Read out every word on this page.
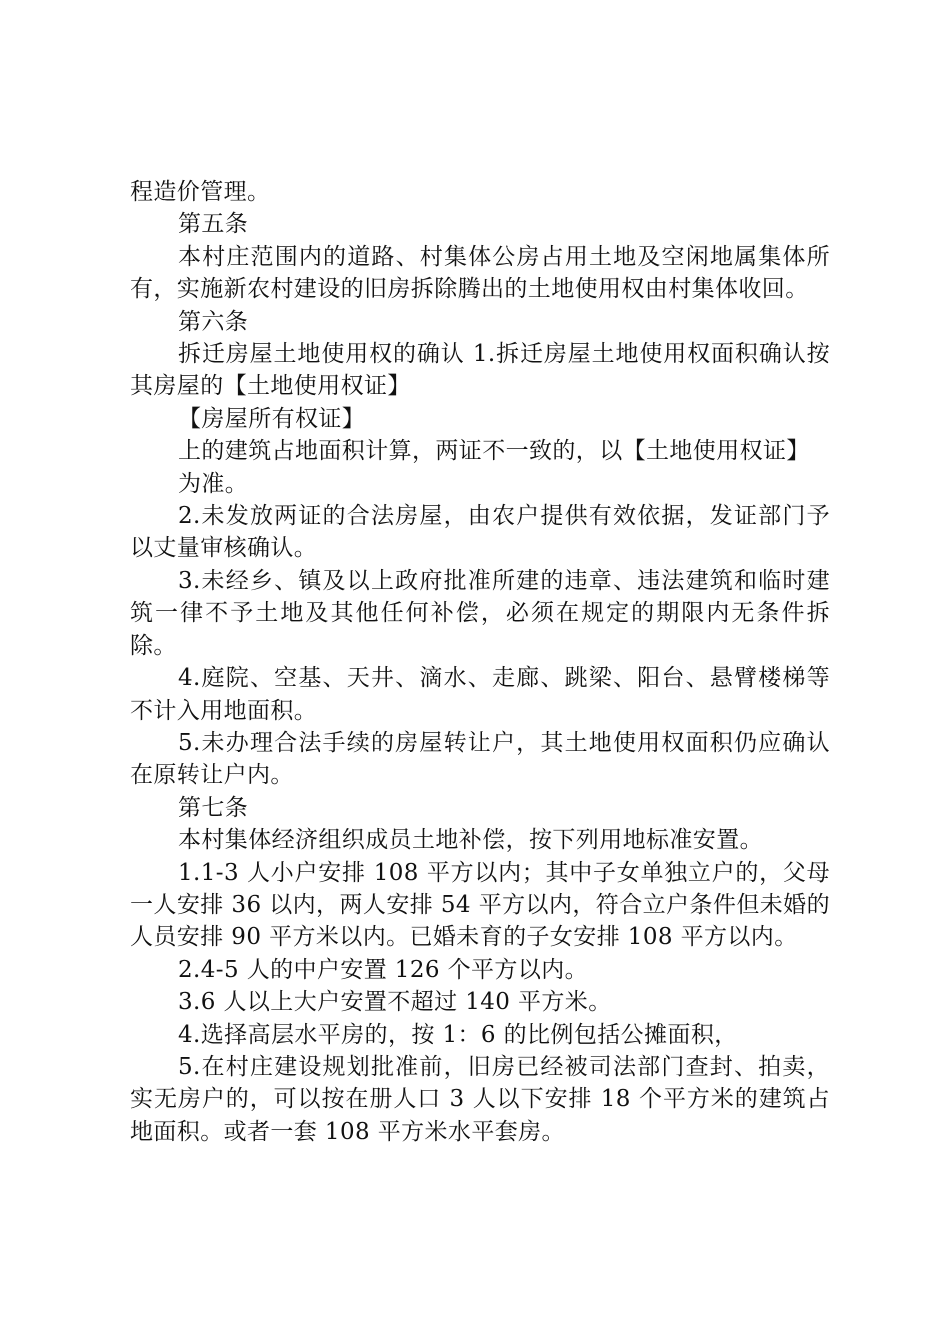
程造价管理。

第五条

本村庄范围内的道路、村集体公房占用土地及空闲地属集体所有，实施新农村建设的旧房拆除腾出的土地使用权由村集体收回。

第六条

拆迁房屋土地使用权的确认 1.拆迁房屋土地使用权面积确认按其房屋的【土地使用权证】

【房屋所有权证】

上的建筑占地面积计算，两证不一致的，以【土地使用权证】

为准。

2.未发放两证的合法房屋，由农户提供有效依据，发证部门予以丈量审核确认。

3.未经乡、镇及以上政府批准所建的违章、违法建筑和临时建筑一律不予土地及其他任何补偿，必须在规定的期限内无条件拆除。

4.庭院、空基、天井、滴水、走廊、跳梁、阳台、悬臂楼梯等不计入用地面积。

5.未办理合法手续的房屋转让户，其土地使用权面积仍应确认在原转让户内。

第七条

本村集体经济组织成员土地补偿，按下列用地标准安置。

1.1-3 人小户安排 108 平方以内；其中子女单独立户的，父母一人安排 36 以内，两人安排 54 平方以内，符合立户条件但未婚的人员安排 90 平方米以内。已婚未育的子女安排 108 平方以内。

2.4-5 人的中户安置 126 个平方以内。

3.6 人以上大户安置不超过 140 平方米。

4.选择高层水平房的，按 1：6 的比例包括公摊面积，

5.在村庄建设规划批准前，旧房已经被司法部门查封、拍卖，实无房户的，可以按在册人口 3 人以下安排 18 个平方米的建筑占地面积。或者一套 108 平方米水平套房。
